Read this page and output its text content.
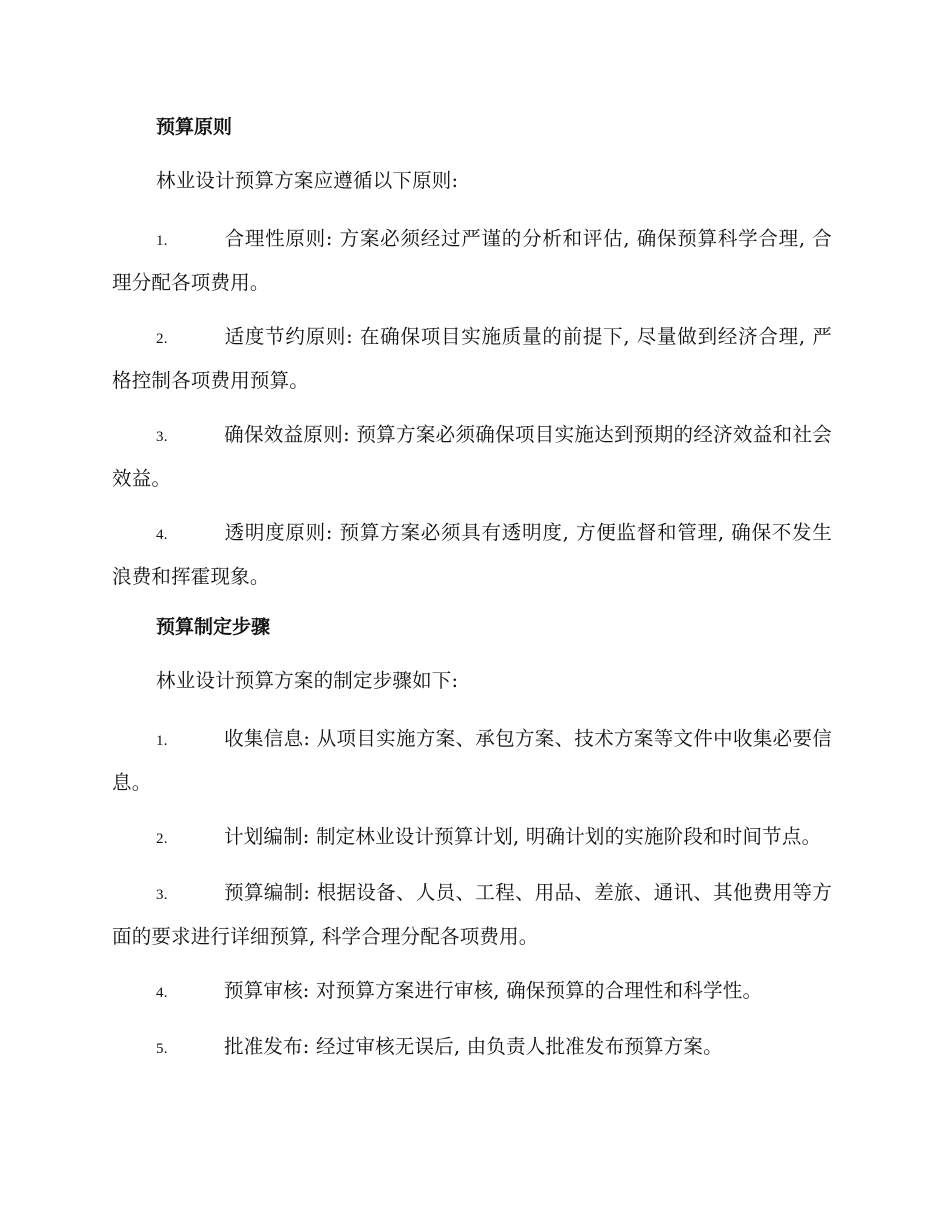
预算原则
林业设计预算方案应遵循以下原则:
1.	合理性原则: 方案必须经过严谨的分析和评估, 确保预算科学合理, 合理分配各项费用。
2.	适度节约原则: 在确保项目实施质量的前提下, 尽量做到经济合理, 严格控制各项费用预算。
3.	确保效益原则: 预算方案必须确保项目实施达到预期的经济效益和社会效益。
4.	透明度原则: 预算方案必须具有透明度, 方便监督和管理, 确保不发生浪费和挥霍现象。
预算制定步骤
林业设计预算方案的制定步骤如下:
1.	收集信息: 从项目实施方案、承包方案、技术方案等文件中收集必要信息。
2.	计划编制: 制定林业设计预算计划, 明确计划的实施阶段和时间节点。
3.	预算编制: 根据设备、人员、工程、用品、差旅、通讯、其他费用等方面的要求进行详细预算, 科学合理分配各项费用。
4.	预算审核: 对预算方案进行审核, 确保预算的合理性和科学性。
5.	批准发布: 经过审核无误后, 由负责人批准发布预算方案。
